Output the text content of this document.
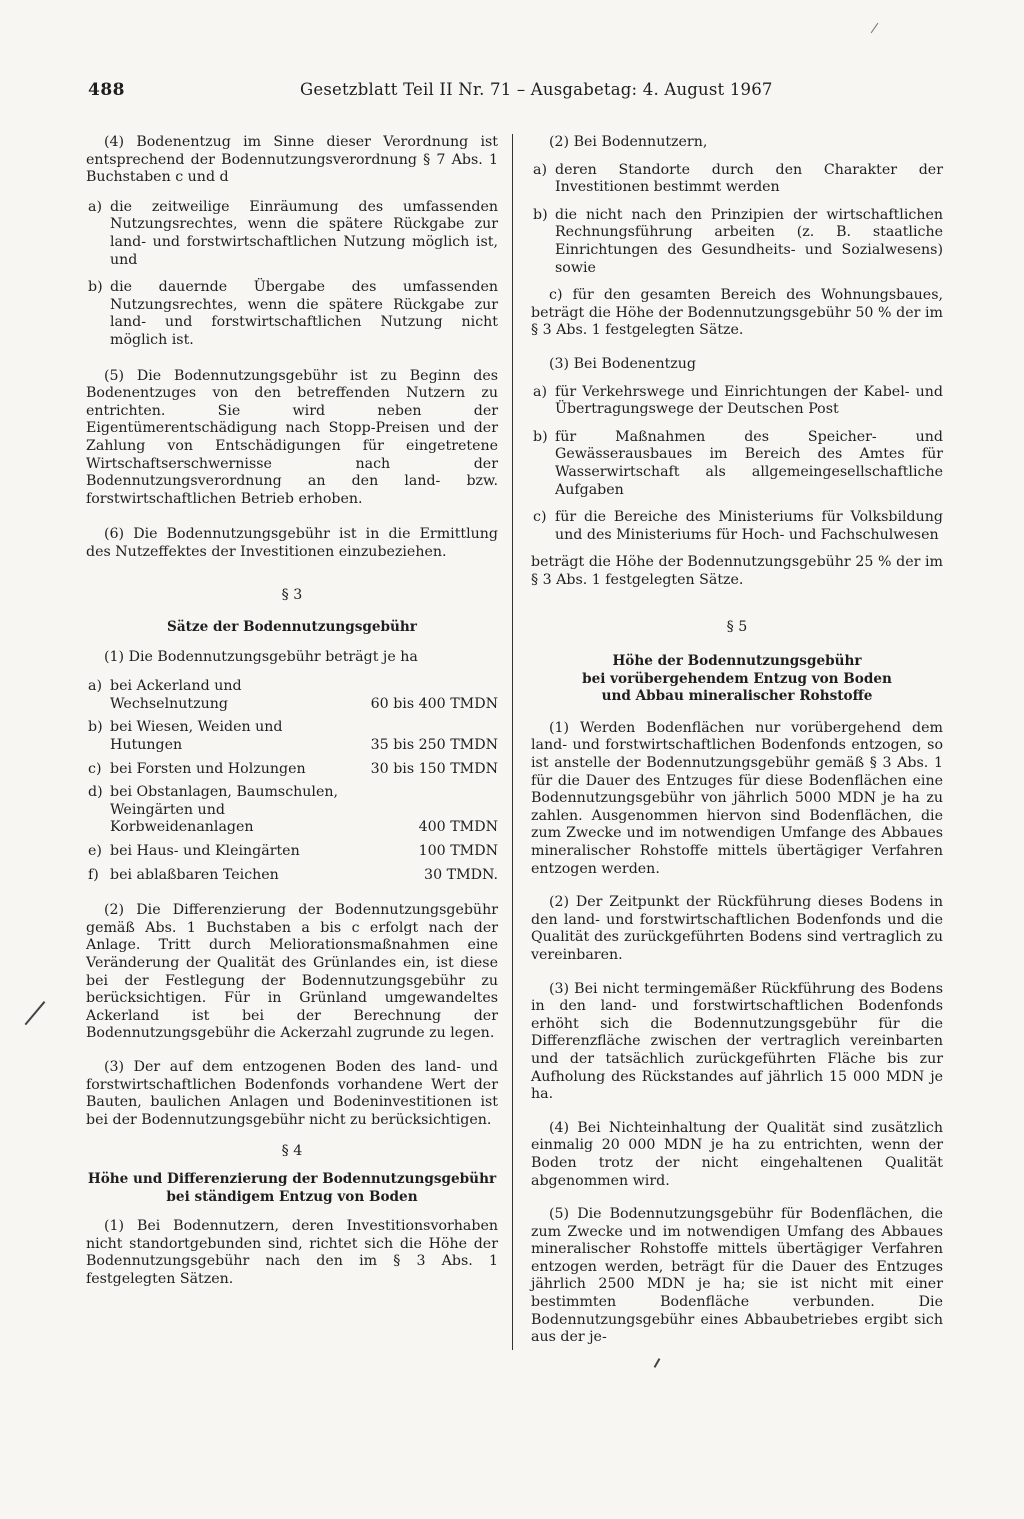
488	Gesetzblatt Teil II Nr. 71 – Ausgabetag: 4. August 1967

(4) Bodenentzug im Sinne dieser Verordnung ist entsprechend der Bodennutzungsverordnung § 7 Abs. 1 Buchstaben c und d

a) die zeitweilige Einräumung des umfassenden Nutzungsrechtes, wenn die spätere Rückgabe zur land- und forstwirtschaftlichen Nutzung möglich ist, und
b) die dauernde Übergabe des umfassenden Nutzungsrechtes, wenn die spätere Rückgabe zur land- und forstwirtschaftlichen Nutzung nicht möglich ist.

(5) Die Bodennutzungsgebühr ist zu Beginn des Bodenentzuges von den betreffenden Nutzern zu entrichten. Sie wird neben der Eigentümerentschädigung nach Stopp-Preisen und der Zahlung von Entschädigungen für eingetretene Wirtschaftserschwernisse nach der Bodennutzungsverordnung an den land- bzw. forstwirtschaftlichen Betrieb erhoben.

(6) Die Bodennutzungsgebühr ist in die Ermittlung des Nutzeffektes der Investitionen einzubeziehen.

§ 3
Sätze der Bodennutzungsgebühr

(1) Die Bodennutzungsgebühr beträgt je ha

a) bei Ackerland und Wechselnutzung	60 bis 400 TMDN
b) bei Wiesen, Weiden und Hutungen	35 bis 250 TMDN
c) bei Forsten und Holzungen	30 bis 150 TMDN
d) bei Obstanlagen, Baumschulen, Weingärten und Korbweidenanlagen	400 TMDN
e) bei Haus- und Kleingärten	100 TMDN
f) bei ablaßbaren Teichen	30 TMDN.

(2) Die Differenzierung der Bodennutzungsgebühr gemäß Abs. 1 Buchstaben a bis c erfolgt nach der Anlage. Tritt durch Meliorationsmaßnahmen eine Veränderung der Qualität des Grünlandes ein, ist diese bei der Festlegung der Bodennutzungsgebühr zu berücksichtigen. Für in Grünland umgewandeltes Ackerland ist bei der Berechnung der Bodennutzungsgebühr die Ackerzahl zugrunde zu legen.

(3) Der auf dem entzogenen Boden des land- und forstwirtschaftlichen Bodenfonds vorhandene Wert der Bauten, baulichen Anlagen und Bodeninvestitionen ist bei der Bodennutzungsgebühr nicht zu berücksichtigen.

§ 4
Höhe und Differenzierung der Bodennutzungsgebühr
bei ständigem Entzug von Boden

(1) Bei Bodennutzern, deren Investitionsvorhaben nicht standortgebunden sind, richtet sich die Höhe der Bodennutzungsgebühr nach den im § 3 Abs. 1 festgelegten Sätzen.

(2) Bei Bodennutzern,

a) deren Standorte durch den Charakter der Investitionen bestimmt werden
b) die nicht nach den Prinzipien der wirtschaftlichen Rechnungsführung arbeiten (z. B. staatliche Einrichtungen des Gesundheits- und Sozialwesens) sowie

c) für den gesamten Bereich des Wohnungsbaues, beträgt die Höhe der Bodennutzungsgebühr 50 % der im § 3 Abs. 1 festgelegten Sätze.

(3) Bei Bodenentzug

a) für Verkehrswege und Einrichtungen der Kabel- und Übertragungswege der Deutschen Post
b) für Maßnahmen des Speicher- und Gewässerausbaues im Bereich des Amtes für Wasserwirtschaft als allgemeingesellschaftliche Aufgaben
c) für die Bereiche des Ministeriums für Volksbildung und des Ministeriums für Hoch- und Fachschulwesen

beträgt die Höhe der Bodennutzungsgebühr 25 % der im § 3 Abs. 1 festgelegten Sätze.

§ 5
Höhe der Bodennutzungsgebühr
bei vorübergehendem Entzug von Boden
und Abbau mineralischer Rohstoffe

(1) Werden Bodenflächen nur vorübergehend dem land- und forstwirtschaftlichen Bodenfonds entzogen, so ist anstelle der Bodennutzungsgebühr gemäß § 3 Abs. 1 für die Dauer des Entzuges für diese Bodenflächen eine Bodennutzungsgebühr von jährlich 5000 MDN je ha zu zahlen. Ausgenommen hiervon sind Bodenflächen, die zum Zwecke und im notwendigen Umfange des Abbaues mineralischer Rohstoffe mittels übertägiger Verfahren entzogen werden.

(2) Der Zeitpunkt der Rückführung dieses Bodens in den land- und forstwirtschaftlichen Bodenfonds und die Qualität des zurückgeführten Bodens sind vertraglich zu vereinbaren.

(3) Bei nicht termingemäßer Rückführung des Bodens in den land- und forstwirtschaftlichen Bodenfonds erhöht sich die Bodennutzungsgebühr für die Differenzfläche zwischen der vertraglich vereinbarten und der tatsächlich zurückgeführten Fläche bis zur Aufholung des Rückstandes auf jährlich 15 000 MDN je ha.

(4) Bei Nichteinhaltung der Qualität sind zusätzlich einmalig 20 000 MDN je ha zu entrichten, wenn der Boden trotz der nicht eingehaltenen Qualität abgenommen wird.

(5) Die Bodennutzungsgebühr für Bodenflächen, die zum Zwecke und im notwendigen Umfang des Abbaues mineralischer Rohstoffe mittels übertägiger Verfahren entzogen werden, beträgt für die Dauer des Entzuges jährlich 2500 MDN je ha; sie ist nicht mit einer bestimmten Bodenfläche verbunden. Die Bodennutzungsgebühr eines Abbaubetriebes ergibt sich aus der je-
